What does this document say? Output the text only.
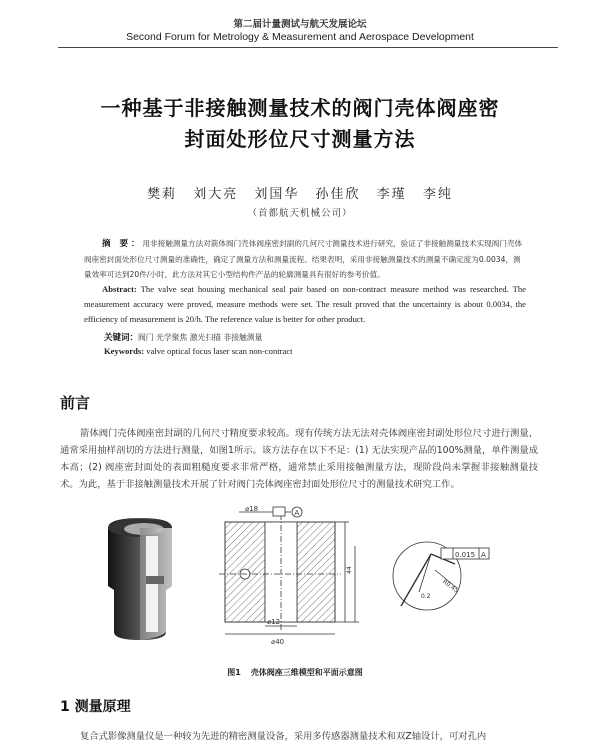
第二届计量测试与航天发展论坛
Second Forum for Metrology & Measurement and Aerospace Development
一种基于非接触测量技术的阀门壳体阀座密
封面处形位尺寸测量方法
樊莉 刘大亮 刘国华 孙佳欣 李瑾 李纯
（首都航天机械公司）
摘 要：用非接触测量方法对箭体阀门壳体阀座密封副的几何尺寸测量技术进行研究，验证了非接触测量技术实现阀门壳体阀座密封面处形位尺寸测量的准确性，确定了测量方法和测量流程。结果表明，采用非接触测量技术的测量不确定度为0.0034，测量效率可达到20件/小时，此方法对其它小型结构件产品的轮廓测量具有很好的参考价值。
Abstract: The valve seat housing mechanical seal pair based on non-contract measure method was researched. The measurement accuracy were proved, measure methods were set. The result proved that the uncertainty is about 0.0034, the efficiency of measurement is 20/h. The reference value is better for other product.
关键词：阀门 光学聚焦 激光扫描 非接触测量
Keywords: valve optical focus laser scan non-contract
前言
箭体阀门壳体阀座密封副的几何尺寸精度要求较高。现有传统方法无法对壳体阀座密封副处形位尺寸进行测量，通常采用抽样剖切的方法进行测量，如图1所示。该方法存在以下不足：(1) 无法实现产品的100%测量，单件测量成本高；(2) 阀座密封面处的表面粗糙度要求非常严格，通常禁止采用接触测量方法，现阶段尚未掌握非接触测量技术。为此，基于非接触测量技术开展了针对阀门壳体阀座密封面处形位尺寸的测量技术研究工作。
⌀18	A
⌀12
⌀40
44
0.015 A
R0.45
0.2
图1 壳体阀座三维模型和平面示意图
1 测量原理
复合式影像测量仪是一种较为先进的精密测量设备，采用多传感器测量技术和双Z轴设计，可对孔内
